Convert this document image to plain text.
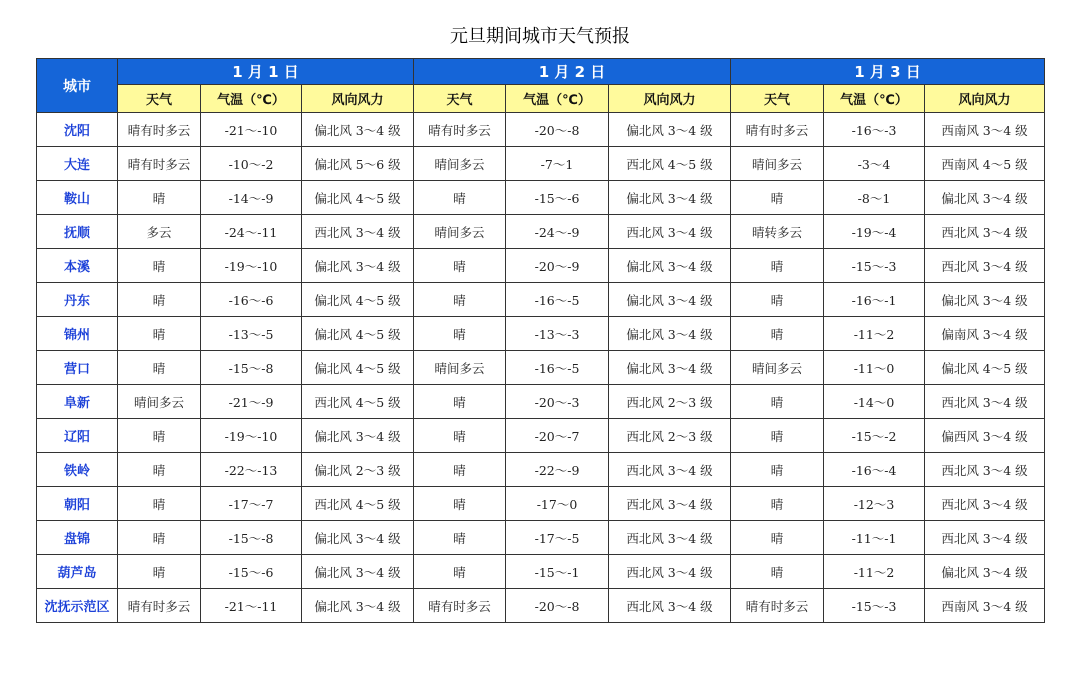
元旦期间城市天气预报
城市	1 月 1 日			1 月 2 日			1 月 3 日		
	天气	气温（℃）	风向风力	天气	气温（℃）	风向风力	天气	气温（℃）	风向风力
沈阳	晴有时多云	-21～-10	偏北风 3～4 级	晴有时多云	-20～-8	偏北风 3～4 级	晴有时多云	-16～-3	西南风 3～4 级
大连	晴有时多云	-10～-2	偏北风 5～6 级	晴间多云	-7～1	西北风 4～5 级	晴间多云	-3～4	西南风 4～5 级
鞍山	晴	-14～-9	偏北风 4～5 级	晴	-15～-6	偏北风 3～4 级	晴	-8～1	偏北风 3～4 级
抚顺	多云	-24～-11	西北风 3～4 级	晴间多云	-24～-9	西北风 3～4 级	晴转多云	-19～-4	西北风 3～4 级
本溪	晴	-19～-10	偏北风 3～4 级	晴	-20～-9	偏北风 3～4 级	晴	-15～-3	西北风 3～4 级
丹东	晴	-16～-6	偏北风 4～5 级	晴	-16～-5	偏北风 3～4 级	晴	-16～-1	偏北风 3～4 级
锦州	晴	-13～-5	偏北风 4～5 级	晴	-13～-3	偏北风 3～4 级	晴	-11～2	偏南风 3～4 级
营口	晴	-15～-8	偏北风 4～5 级	晴间多云	-16～-5	偏北风 3～4 级	晴间多云	-11～0	偏北风 4～5 级
阜新	晴间多云	-21～-9	西北风 4～5 级	晴	-20～-3	西北风 2～3 级	晴	-14～0	西北风 3～4 级
辽阳	晴	-19～-10	偏北风 3～4 级	晴	-20～-7	西北风 2～3 级	晴	-15～-2	偏西风 3～4 级
铁岭	晴	-22～-13	偏北风 2～3 级	晴	-22～-9	西北风 3～4 级	晴	-16～-4	西北风 3～4 级
朝阳	晴	-17～-7	西北风 4～5 级	晴	-17～0	西北风 3～4 级	晴	-12～3	西北风 3～4 级
盘锦	晴	-15～-8	偏北风 3～4 级	晴	-17～-5	西北风 3～4 级	晴	-11～-1	西北风 3～4 级
葫芦岛	晴	-15～-6	偏北风 3～4 级	晴	-15～-1	西北风 3～4 级	晴	-11～2	偏北风 3～4 级
沈抚示范区	晴有时多云	-21～-11	偏北风 3～4 级	晴有时多云	-20～-8	西北风 3～4 级	晴有时多云	-15～-3	西南风 3～4 级
